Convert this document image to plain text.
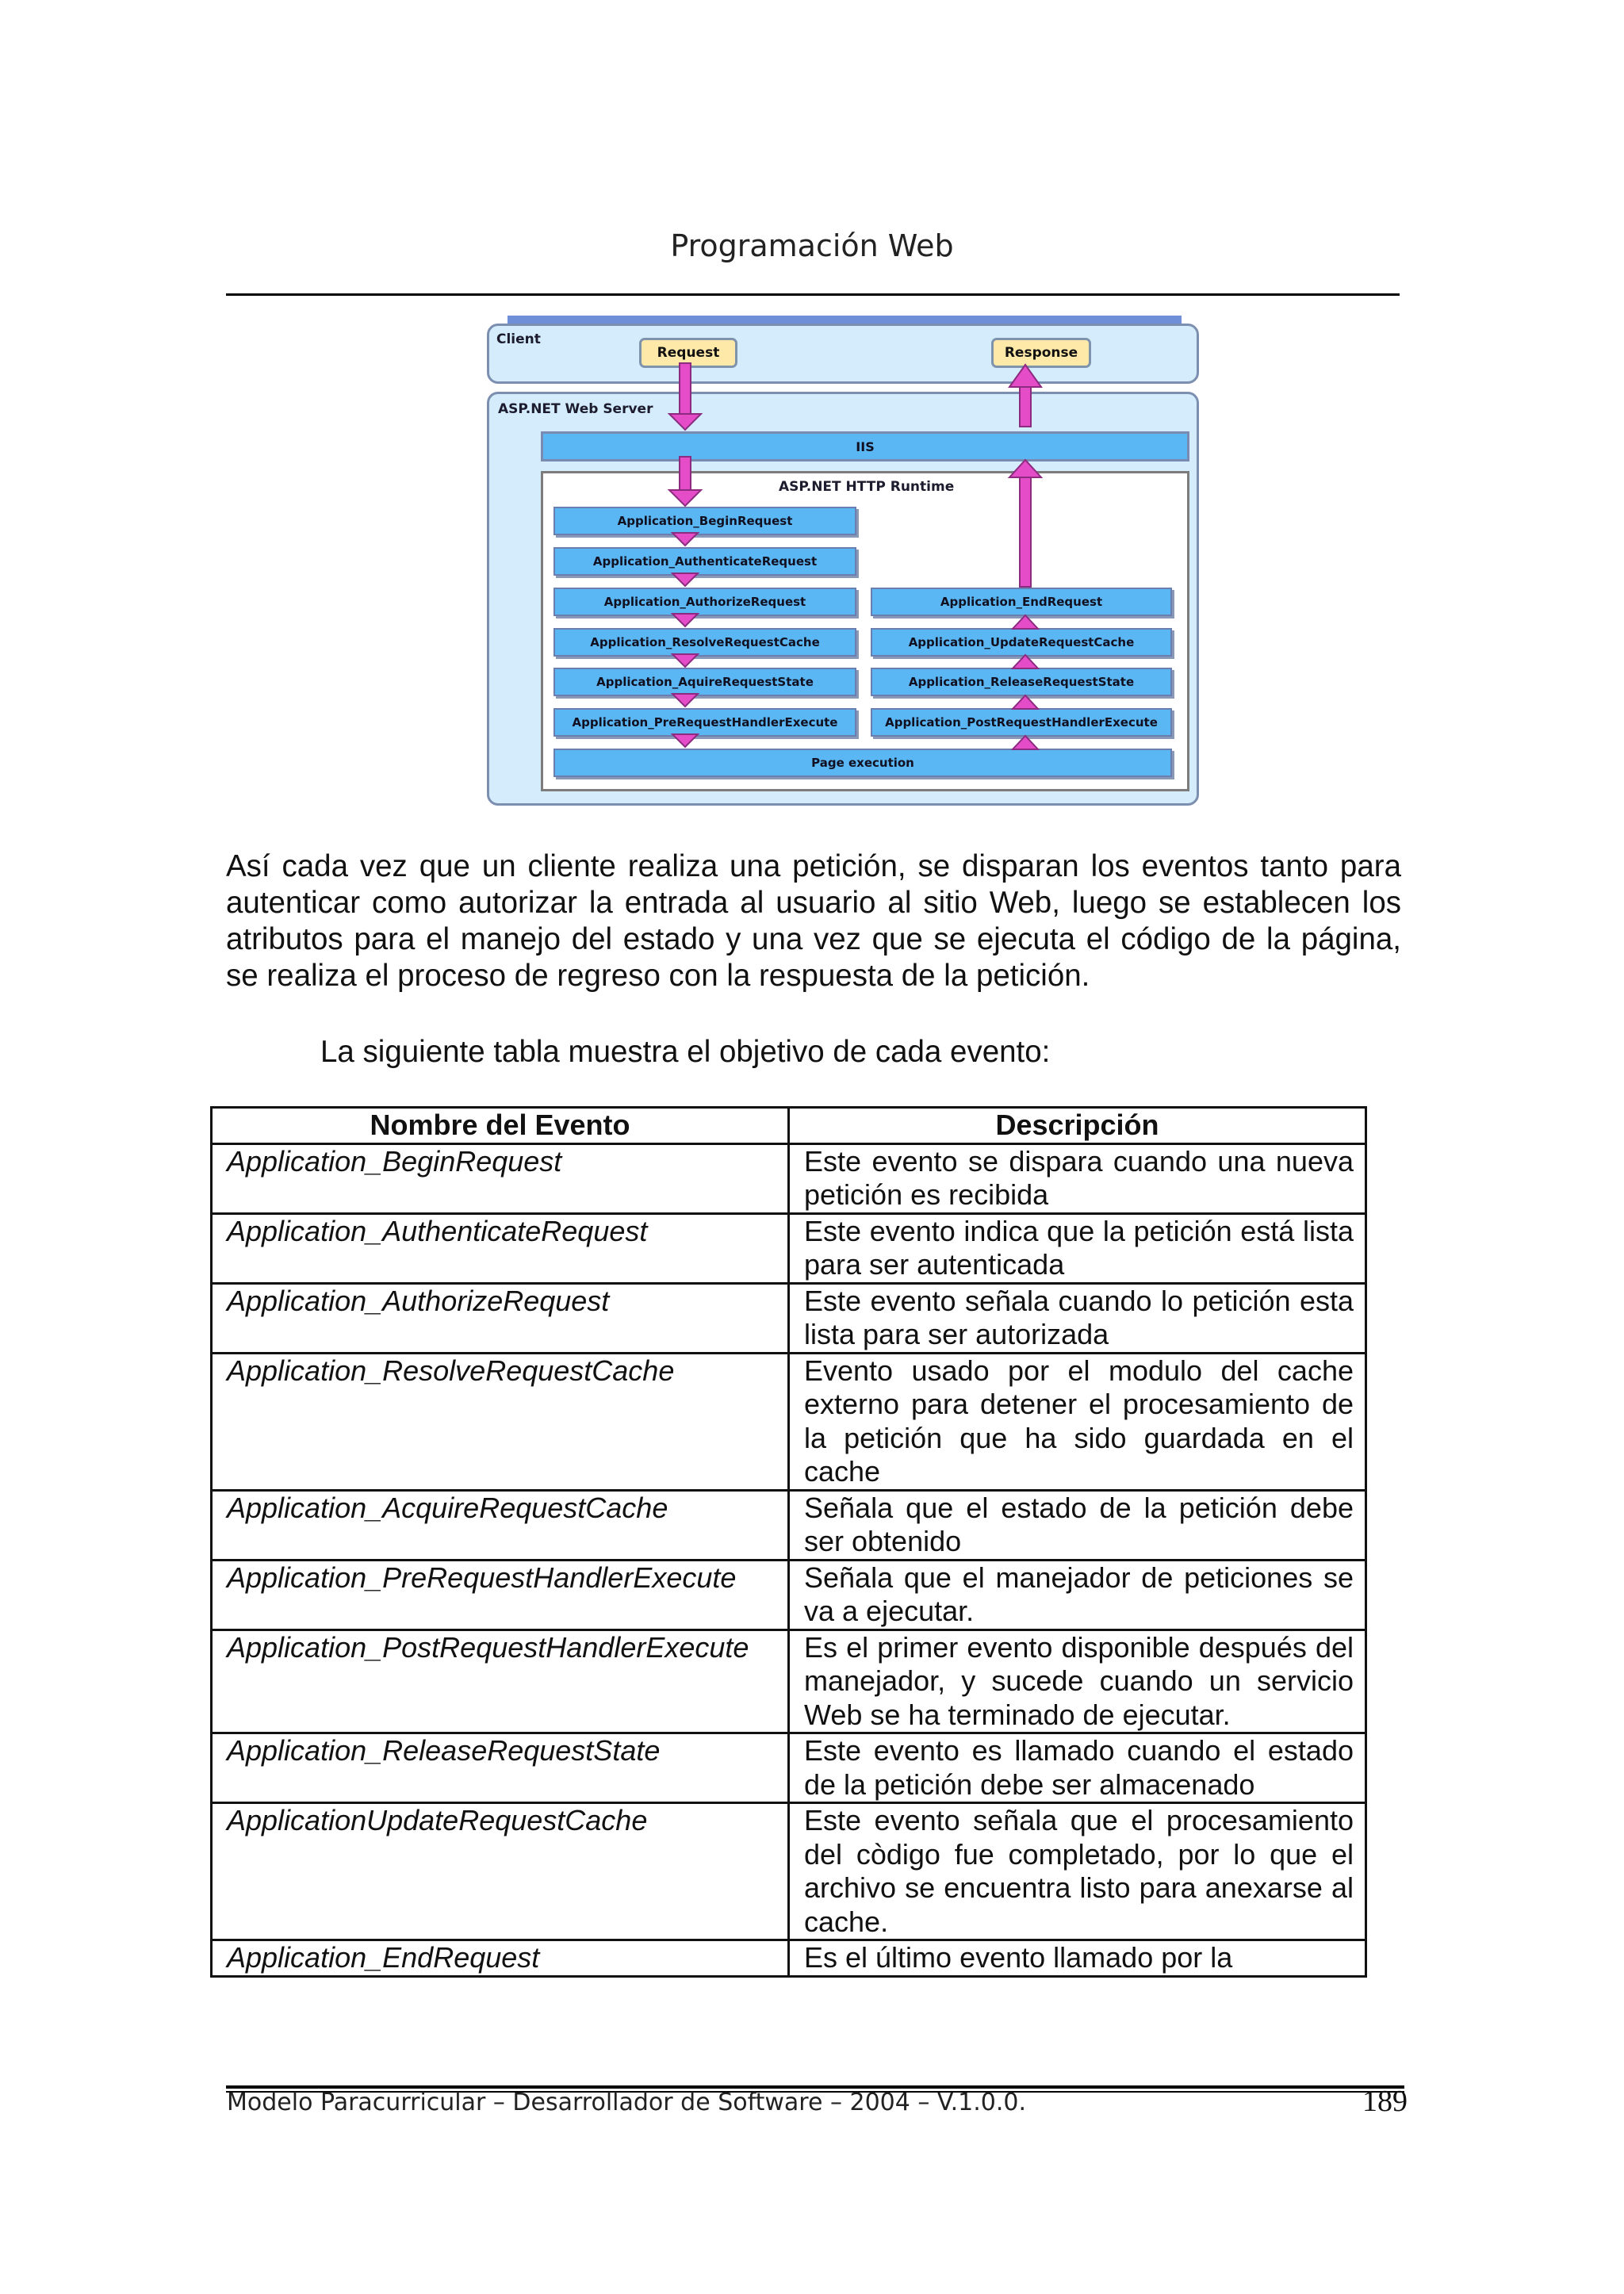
Programación Web
Client
Request	Response
ASP.NET Web Server
IIS
ASP.NET HTTP Runtime
Application_BeginRequest
Application_AuthenticateRequest
Application_AuthorizeRequest
Application_ResolveRequestCache
Application_AquireRequestState
Application_PreRequestHandlerExecute
Application_EndRequest
Application_UpdateRequestCache
Application_ReleaseRequestState
Application_PostRequestHandlerExecute
Page execution
Así cada vez que un cliente realiza una petición, se disparan los eventos tanto para autenticar como autorizar la entrada al usuario al sitio Web, luego se establecen los atributos para el manejo del estado y una vez que se ejecuta el código de la página, se realiza el proceso de regreso con la respuesta de la petición.
La siguiente tabla muestra el objetivo de cada evento:
Nombre del Evento	Descripción
Application_BeginRequest	Este evento se dispara cuando una nueva petición es recibida
Application_AuthenticateRequest	Este evento indica que la petición está lista para ser autenticada
Application_AuthorizeRequest	Este evento señala cuando lo petición esta lista para ser autorizada
Application_ResolveRequestCache	Evento usado por el modulo del cache externo para detener el procesamiento de la petición que ha sido guardada en el cache
Application_AcquireRequestCache	Señala que el estado de la petición debe ser obtenido
Application_PreRequestHandlerExecute	Señala que el manejador de peticiones se va a ejecutar.
Application_PostRequestHandlerExecute	Es el primer evento disponible después del manejador, y sucede cuando un servicio Web se ha terminado de ejecutar.
Application_ReleaseRequestState	Este evento es llamado cuando el estado de la petición debe ser almacenado
ApplicationUpdateRequestCache	Este evento señala que el procesamiento del còdigo fue completado, por lo que el archivo se encuentra listo para anexarse al cache.
Application_EndRequest	Es el último evento llamado por la
Modelo Paracurricular – Desarrollador de Software – 2004 – V.1.0.0.	189
